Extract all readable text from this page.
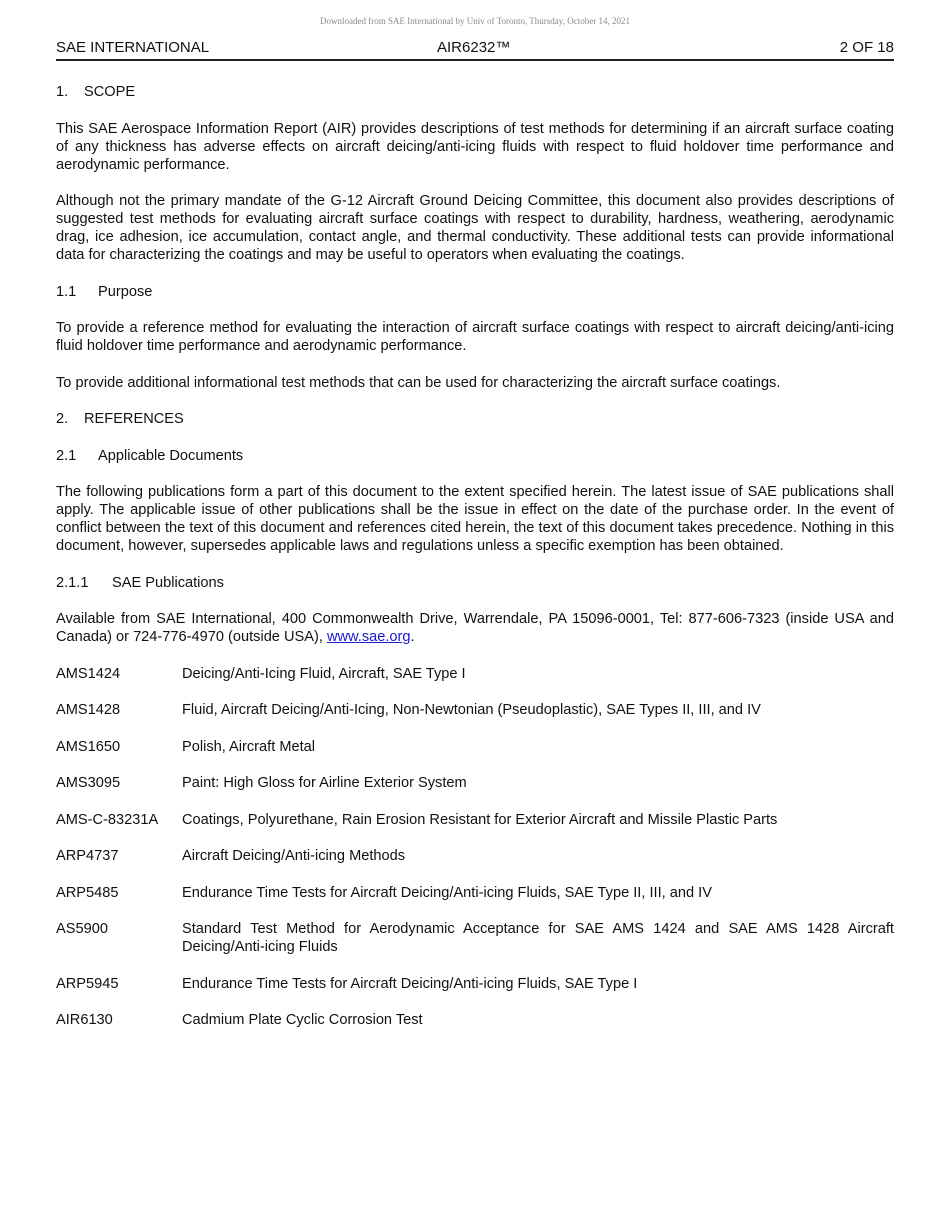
Downloaded from SAE International by Univ of Toronto, Thursday, October 14, 2021
SAE INTERNATIONAL	AIR6232™	2 OF 18
1.	SCOPE

This SAE Aerospace Information Report (AIR) provides descriptions of test methods for determining if an aircraft surface coating of any thickness has adverse effects on aircraft deicing/anti-icing fluids with respect to fluid holdover time performance and aerodynamic performance.

Although not the primary mandate of the G-12 Aircraft Ground Deicing Committee, this document also provides descriptions of suggested test methods for evaluating aircraft surface coatings with respect to durability, hardness, weathering, aerodynamic drag, ice adhesion, ice accumulation, contact angle, and thermal conductivity. These additional tests can provide informational data for characterizing the coatings and may be useful to operators when evaluating the coatings.

1.1	Purpose

To provide a reference method for evaluating the interaction of aircraft surface coatings with respect to aircraft deicing/anti-icing fluid holdover time performance and aerodynamic performance.

To provide additional informational test methods that can be used for characterizing the aircraft surface coatings.

2.	REFERENCES
2.1	Applicable Documents

The following publications form a part of this document to the extent specified herein. The latest issue of SAE publications shall apply. The applicable issue of other publications shall be the issue in effect on the date of the purchase order. In the event of conflict between the text of this document and references cited herein, the text of this document takes precedence. Nothing in this document, however, supersedes applicable laws and regulations unless a specific exemption has been obtained.

2.1.1	SAE Publications

Available from SAE International, 400 Commonwealth Drive, Warrendale, PA 15096-0001, Tel: 877-606-7323 (inside USA and Canada) or 724-776-4970 (outside USA), www.sae.org.

AMS1424	Deicing/Anti-Icing Fluid, Aircraft, SAE Type I
AMS1428	Fluid, Aircraft Deicing/Anti-Icing, Non-Newtonian (Pseudoplastic), SAE Types II, III, and IV
AMS1650	Polish, Aircraft Metal
AMS3095	Paint: High Gloss for Airline Exterior System
AMS-C-83231A	Coatings, Polyurethane, Rain Erosion Resistant for Exterior Aircraft and Missile Plastic Parts
ARP4737	Aircraft Deicing/Anti-icing Methods
ARP5485	Endurance Time Tests for Aircraft Deicing/Anti-icing Fluids, SAE Type II, III, and IV
AS5900	Standard Test Method for Aerodynamic Acceptance for SAE AMS 1424 and SAE AMS 1428 Aircraft Deicing/Anti-icing Fluids
ARP5945	Endurance Time Tests for Aircraft Deicing/Anti-icing Fluids, SAE Type I
AIR6130	Cadmium Plate Cyclic Corrosion Test
